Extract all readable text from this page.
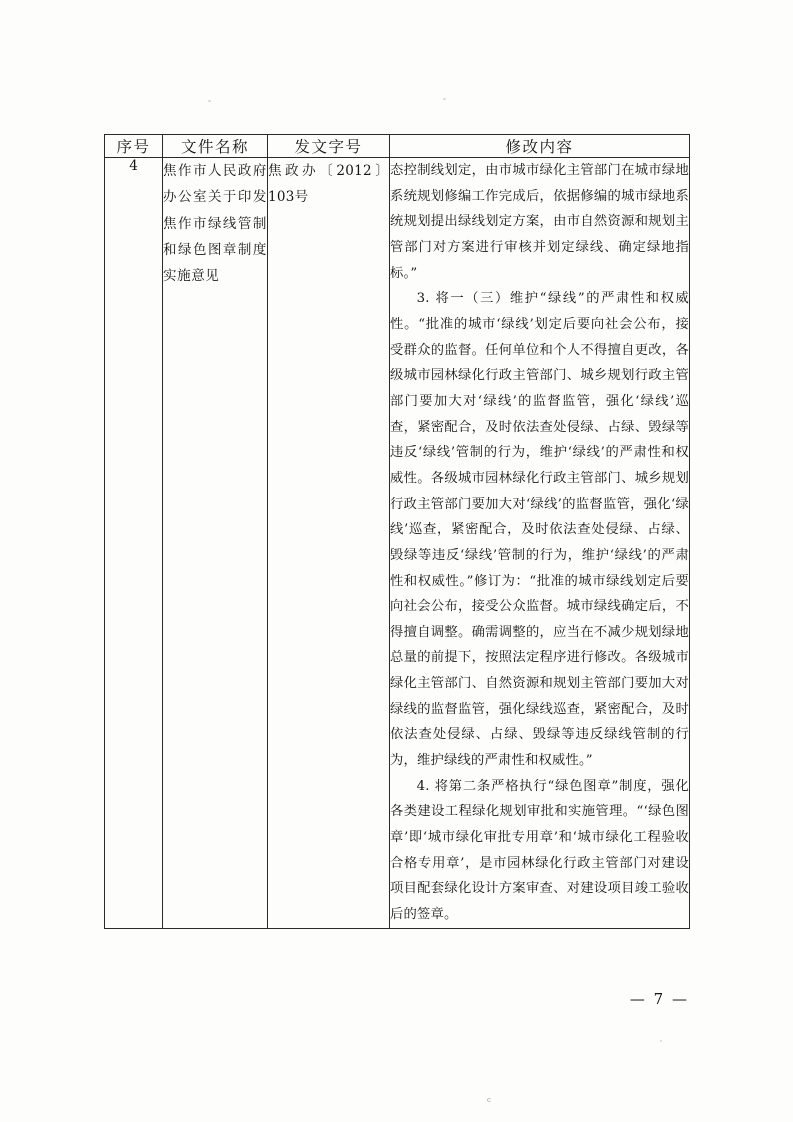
序号	文件名称	发文字号	修改内容
4	焦作市人民政府办公室关于印发焦作市绿线管制和绿色图章制度实施意见	焦政办〔2012〕103号	态控制线划定，由市城市绿化主管部门在城市绿地系统规划修编工作完成后，依据修编的城市绿地系统规划提出绿线划定方案，由市自然资源和规划主管部门对方案进行审核并划定绿线、确定绿地指标。”

3. 将一（三）维护“绿线”的严肃性和权威性。“批准的城市‘绿线’划定后要向社会公布，接受群众的监督。任何单位和个人不得擅自更改，各级城市园林绿化行政主管部门、城乡规划行政主管部门要加大对‘绿线’的监督监管，强化‘绿线’巡查，紧密配合，及时依法查处侵绿、占绿、毁绿等违反‘绿线’管制的行为，维护‘绿线’的严肃性和权威性。各级城市园林绿化行政主管部门、城乡规划行政主管部门要加大对‘绿线’的监督监管，强化‘绿线’巡查，紧密配合，及时依法查处侵绿、占绿、毁绿等违反‘绿线’管制的行为，维护‘绿线’的严肃性和权威性。”修订为：“批准的城市绿线划定后要向社会公布，接受公众监督。城市绿线确定后，不得擅自调整。确需调整的，应当在不减少规划绿地总量的前提下，按照法定程序进行修改。各级城市绿化主管部门、自然资源和规划主管部门要加大对绿线的监督监管，强化绿线巡查，紧密配合，及时依法查处侵绿、占绿、毁绿等违反绿线管制的行为，维护绿线的严肃性和权威性。”

4. 将第二条严格执行“绿色图章”制度，强化各类建设工程绿化规划审批和实施管理。“‘绿色图章’即‘城市绿化审批专用章’和‘城市绿化工程验收合格专用章’，是市园林绿化行政主管部门对建设项目配套绿化设计方案审查、对建设项目竣工验收后的签章。

— 7 —
c
